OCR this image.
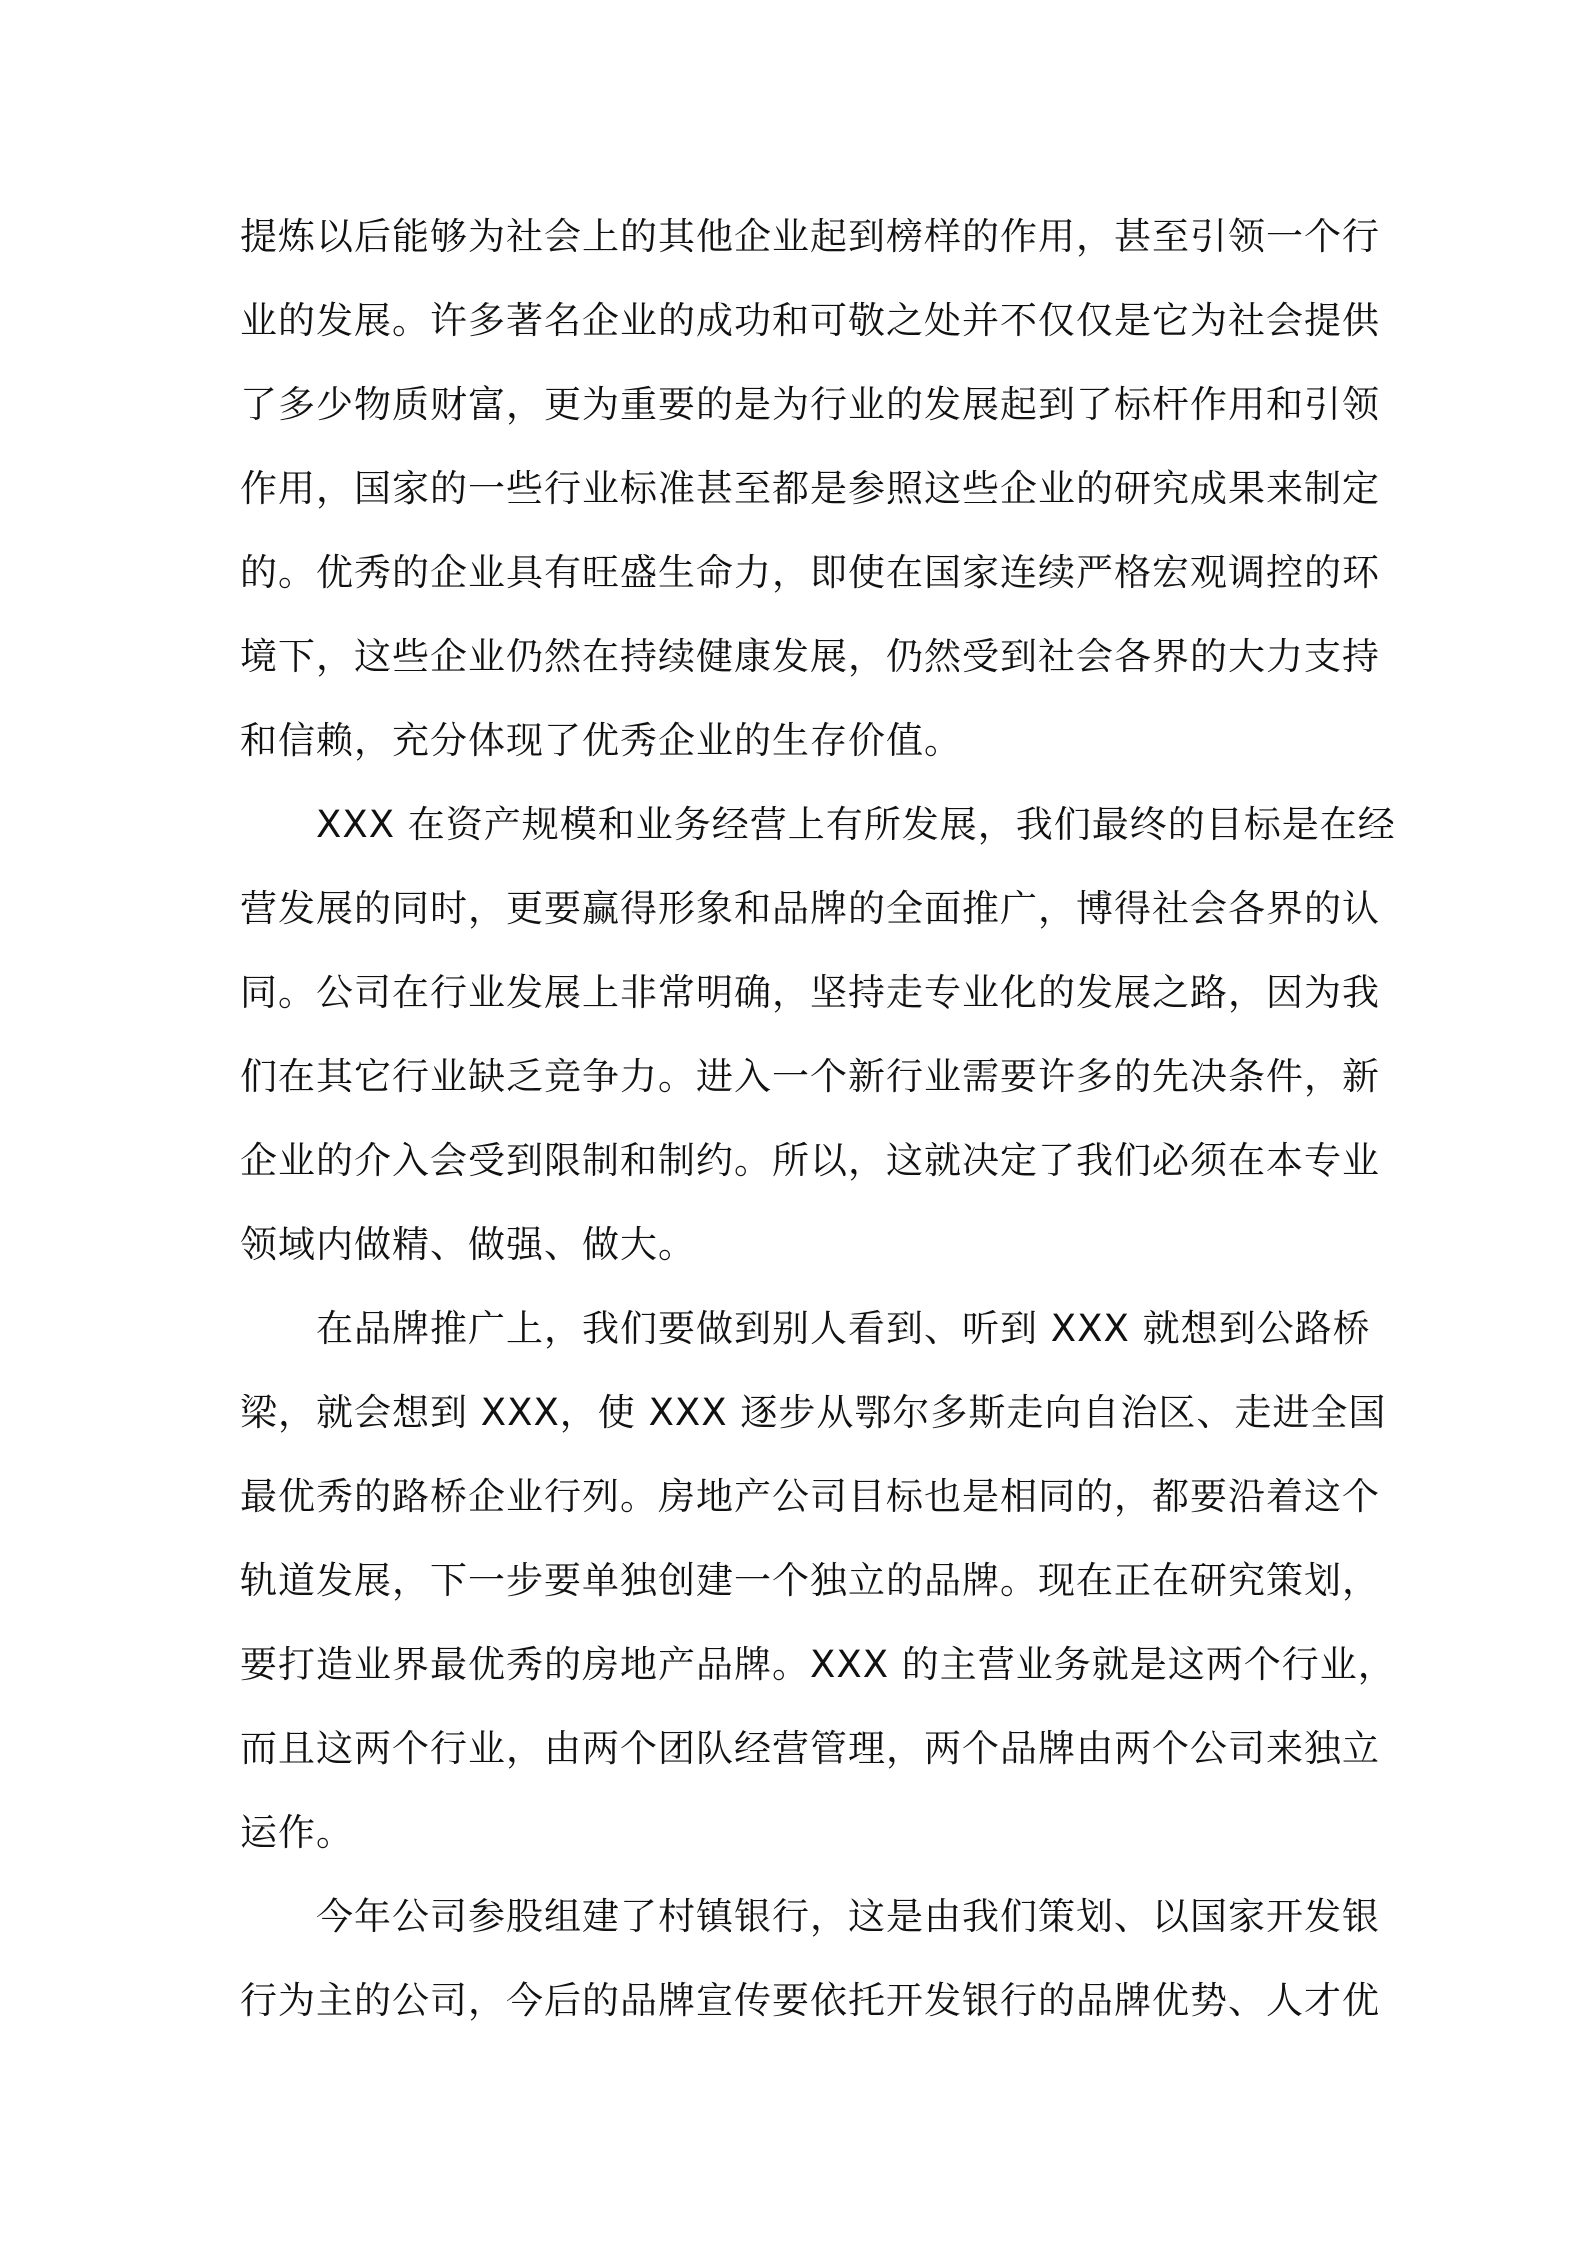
提炼以后能够为社会上的其他企业起到榜样的作用，甚至引领一个行
业的发展。许多著名企业的成功和可敬之处并不仅仅是它为社会提供
了多少物质财富，更为重要的是为行业的发展起到了标杆作用和引领
作用，国家的一些行业标准甚至都是参照这些企业的研究成果来制定
的。优秀的企业具有旺盛生命力，即使在国家连续严格宏观调控的环
境下，这些企业仍然在持续健康发展，仍然受到社会各界的大力支持
和信赖，充分体现了优秀企业的生存价值。
XXX 在资产规模和业务经营上有所发展，我们最终的目标是在经
营发展的同时，更要赢得形象和品牌的全面推广，博得社会各界的认
同。公司在行业发展上非常明确，坚持走专业化的发展之路，因为我
们在其它行业缺乏竞争力。进入一个新行业需要许多的先决条件，新
企业的介入会受到限制和制约。所以，这就决定了我们必须在本专业
领域内做精、做强、做大。
在品牌推广上，我们要做到别人看到、听到 XXX 就想到公路桥
梁，就会想到 XXX，使 XXX 逐步从鄂尔多斯走向自治区、走进全国
最优秀的路桥企业行列。房地产公司目标也是相同的，都要沿着这个
轨道发展，下一步要单独创建一个独立的品牌。现在正在研究策划，
要打造业界最优秀的房地产品牌。XXX 的主营业务就是这两个行业，
而且这两个行业，由两个团队经营管理，两个品牌由两个公司来独立
运作。
今年公司参股组建了村镇银行，这是由我们策划、以国家开发银
行为主的公司，今后的品牌宣传要依托开发银行的品牌优势、人才优
